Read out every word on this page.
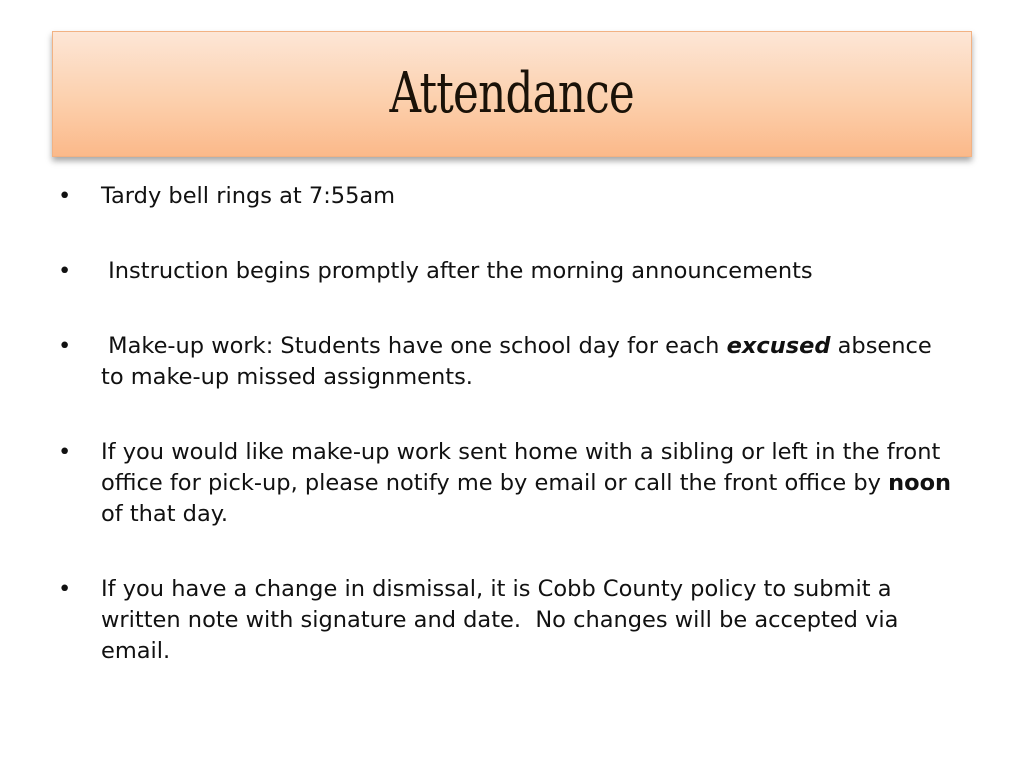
Attendance
• Tardy bell rings at 7:55am
• Instruction begins promptly after the morning announcements
• Make-up work: Students have one school day for each excused absence to make-up missed assignments.
• If you would like make-up work sent home with a sibling or left in the front office for pick-up, please notify me by email or call the front office by noon of that day.
• If you have a change in dismissal, it is Cobb County policy to submit a written note with signature and date.  No changes will be accepted via email.
